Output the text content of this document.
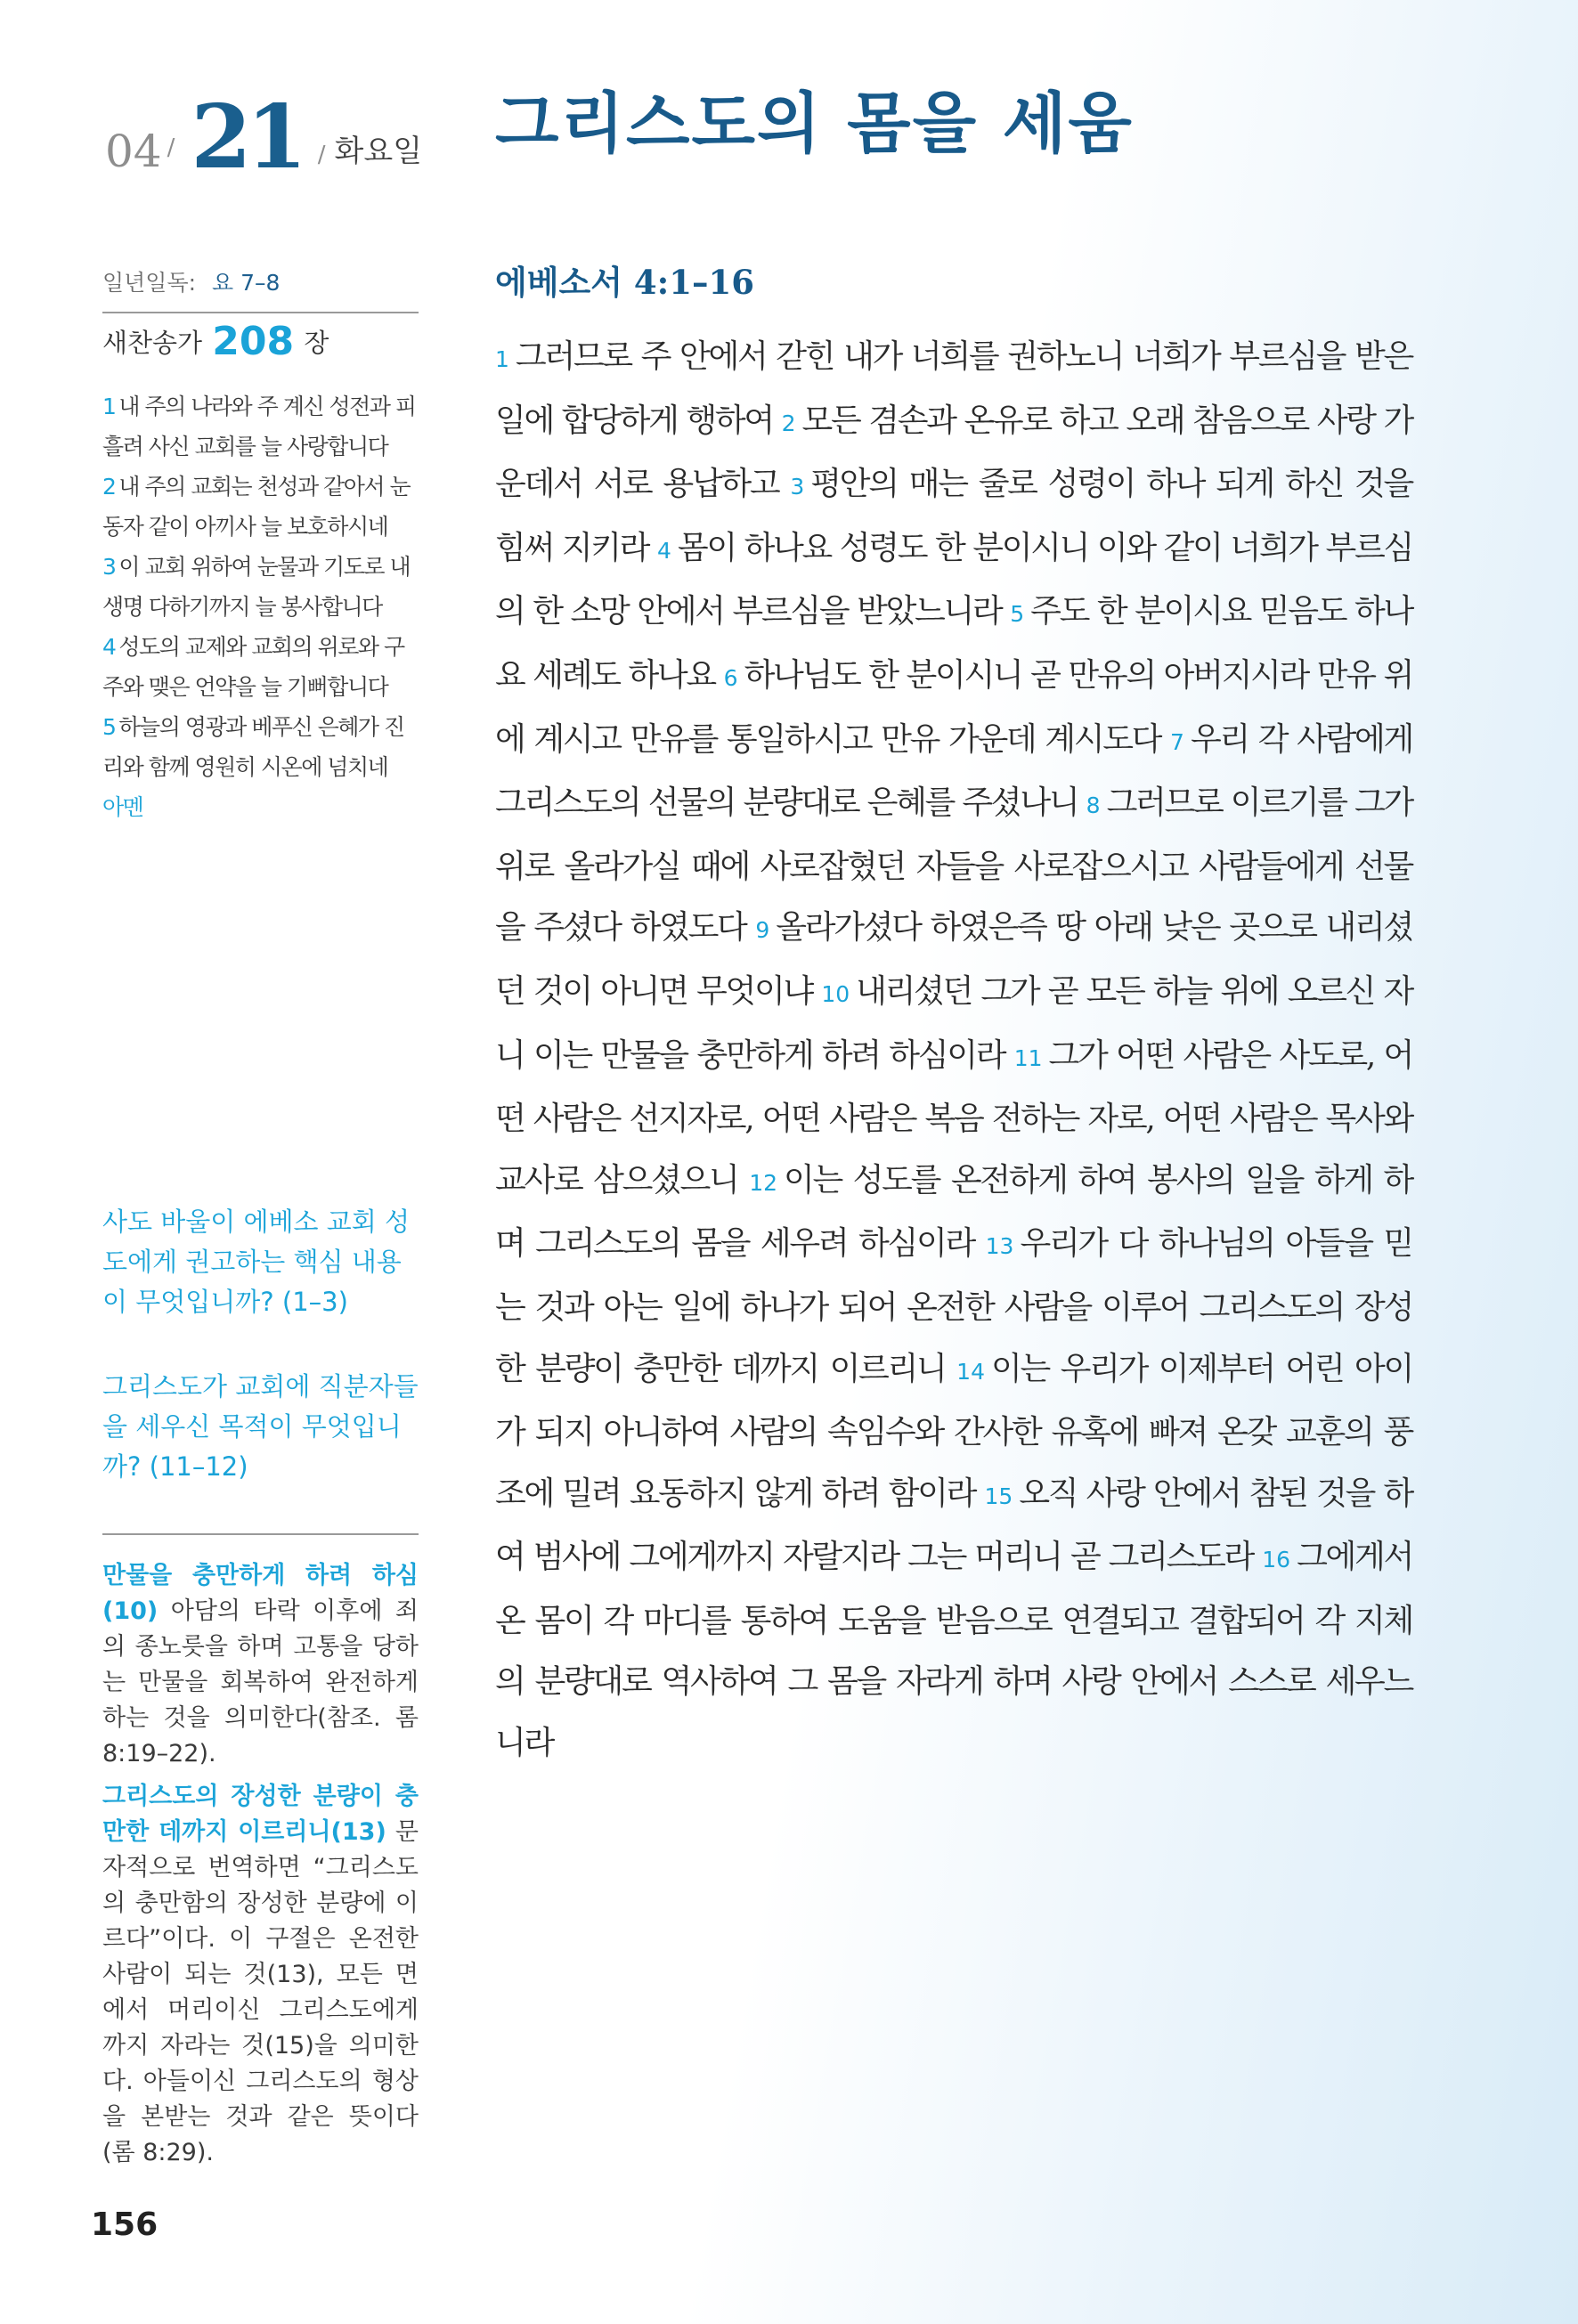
04 / 21 / 화요일 그리스도의 몸을 세움
일년일독: 요 7–8
새찬송가 208 장
1 내 주의 나라와 주 계신 성전과 피 흘려 사신 교회를 늘 사랑합니다
2 내 주의 교회는 천성과 같아서 눈동자 같이 아끼사 늘 보호하시네
3 이 교회 위하여 눈물과 기도로 내 생명 다하기까지 늘 봉사합니다
4 성도의 교제와 교회의 위로와 구주와 맺은 언약을 늘 기뻐합니다
5 하늘의 영광과 베푸신 은혜가 진리와 함께 영원히 시온에 넘치네
아멘
사도 바울이 에베소 교회 성도에게 권고하는 핵심 내용이 무엇입니까? (1–3)
그리스도가 교회에 직분자들을 세우신 목적이 무엇입니까? (11–12)

만물을 충만하게 하려 하심(10) 아담의 타락 이후에 죄의 종노릇을 하며 고통을 당하는 만물을 회복하여 완전하게 하는 것을 의미한다(참조. 롬 8:19–22).

그리스도의 장성한 분량이 충만한 데까지 이르리니(13) 문자적으로 번역하면 “그리스도의 충만함의 장성한 분량에 이르다”이다. 이 구절은 온전한 사람이 되는 것(13), 모든 면에서 머리이신 그리스도에게까지 자라는 것(15)을 의미한다. 아들이신 그리스도의 형상을 본받는 것과 같은 뜻이다(롬 8:29).

156
에베소서 4:1–16
1 그러므로 주 안에서 갇힌 내가 너희를 권하노니 너희가 부르심을 받은 일에 합당하게 행하여 2 모든 겸손과 온유로 하고 오래 참음으로 사랑 가운데서 서로 용납하고 3 평안의 매는 줄로 성령이 하나 되게 하신 것을 힘써 지키라 4 몸이 하나요 성령도 한 분이시니 이와 같이 너희가 부르심의 한 소망 안에서 부르심을 받았느니라 5 주도 한 분이시요 믿음도 하나요 세례도 하나요 6 하나님도 한 분이시니 곧 만유의 아버지시라 만유 위에 계시고 만유를 통일하시고 만유 가운데 계시도다 7 우리 각 사람에게 그리스도의 선물의 분량대로 은혜를 주셨나니 8 그러므로 이르기를 그가 위로 올라가실 때에 사로잡혔던 자들을 사로잡으시고 사람들에게 선물을 주셨다 하였도다 9 올라가셨다 하였은즉 땅 아래 낮은 곳으로 내리셨던 것이 아니면 무엇이냐 10 내리셨던 그가 곧 모든 하늘 위에 오르신 자니 이는 만물을 충만하게 하려 하심이라 11 그가 어떤 사람은 사도로, 어떤 사람은 선지자로, 어떤 사람은 복음 전하는 자로, 어떤 사람은 목사와 교사로 삼으셨으니 12 이는 성도를 온전하게 하여 봉사의 일을 하게 하며 그리스도의 몸을 세우려 하심이라 13 우리가 다 하나님의 아들을 믿는 것과 아는 일에 하나가 되어 온전한 사람을 이루어 그리스도의 장성한 분량이 충만한 데까지 이르리니 14 이는 우리가 이제부터 어린 아이가 되지 아니하여 사람의 속임수와 간사한 유혹에 빠져 온갖 교훈의 풍조에 밀려 요동하지 않게 하려 함이라 15 오직 사랑 안에서 참된 것을 하여 범사에 그에게까지 자랄지라 그는 머리니 곧 그리스도라 16 그에게서 온 몸이 각 마디를 통하여 도움을 받음으로 연결되고 결합되어 각 지체의 분량대로 역사하여 그 몸을 자라게 하며 사랑 안에서 스스로 세우느니라
